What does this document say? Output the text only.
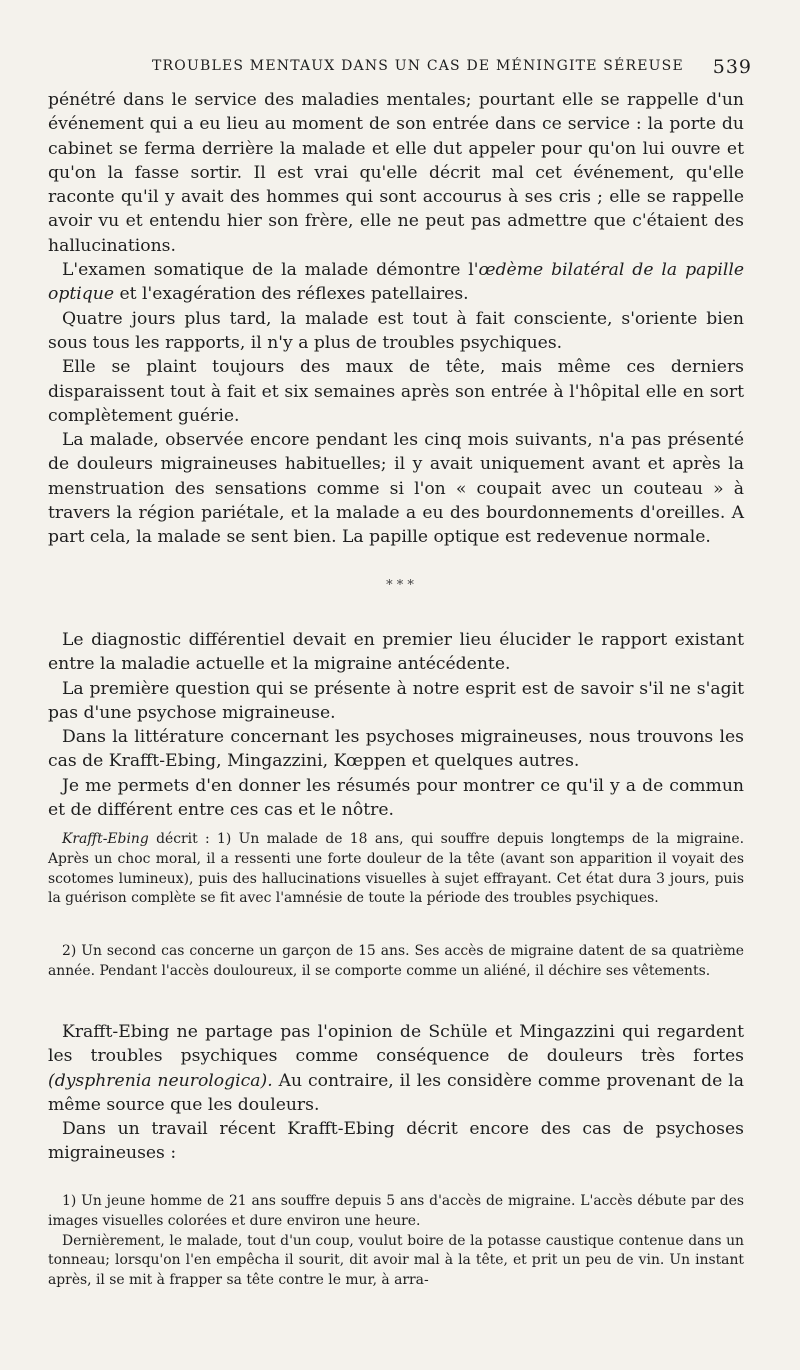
TROUBLES MENTAUX DANS UN CAS DE MÉNINGITE SÉREUSE 539

pénétré dans le service des maladies mentales; pourtant elle se rappelle d'un événement qui a eu lieu au moment de son entrée dans ce service : la porte du cabinet se ferma derrière la malade et elle dut appeler pour qu'on lui ouvre et qu'on la fasse sortir. Il est vrai qu'elle décrit mal cet événement, qu'elle raconte qu'il y avait des hommes qui sont accourus à ses cris ; elle se rappelle avoir vu et entendu hier son frère, elle ne peut pas admettre que c'étaient des hallucinations.

L'examen somatique de la malade démontre l'œdème bilatéral de la papille optique et l'exagération des réflexes patellaires.

Quatre jours plus tard, la malade est tout à fait consciente, s'oriente bien sous tous les rapports, il n'y a plus de troubles psychiques.

Elle se plaint toujours des maux de tête, mais même ces derniers disparaissent tout à fait et six semaines après son entrée à l'hôpital elle en sort complètement guérie.

La malade, observée encore pendant les cinq mois suivants, n'a pas présenté de douleurs migraineuses habituelles; il y avait uniquement avant et après la menstruation des sensations comme si l'on « coupait avec un couteau » à travers la région pariétale, et la malade a eu des bourdonnements d'oreilles. A part cela, la malade se sent bien. La papille optique est redevenue normale.

* * *

Le diagnostic différentiel devait en premier lieu élucider le rapport existant entre la maladie actuelle et la migraine antécédente.

La première question qui se présente à notre esprit est de savoir s'il ne s'agit pas d'une psychose migraineuse.

Dans la littérature concernant les psychoses migraineuses, nous trouvons les cas de Krafft-Ebing, Mingazzini, Kœppen et quelques autres.

Je me permets d'en donner les résumés pour montrer ce qu'il y a de commun et de différent entre ces cas et le nôtre.

Krafft-Ebing décrit : 1) Un malade de 18 ans, qui souffre depuis longtemps de la migraine. Après un choc moral, il a ressenti une forte douleur de la tête (avant son apparition il voyait des scotomes lumineux), puis des hallucinations visuelles à sujet effrayant. Cet état dura 3 jours, puis la guérison complète se fit avec l'amnésie de toute la période des troubles psychiques.

2) Un second cas concerne un garçon de 15 ans. Ses accès de migraine datent de sa quatrième année. Pendant l'accès douloureux, il se comporte comme un aliéné, il déchire ses vêtements.

Krafft-Ebing ne partage pas l'opinion de Schüle et Mingazzini qui regardent les troubles psychiques comme conséquence de douleurs très fortes (dysphrenia neurologica). Au contraire, il les considère comme provenant de la même source que les douleurs.

Dans un travail récent Krafft-Ebing décrit encore des cas de psychoses migraineuses :

1) Un jeune homme de 21 ans souffre depuis 5 ans d'accès de migraine. L'accès débute par des images visuelles colorées et dure environ une heure.

Dernièrement, le malade, tout d'un coup, voulut boire de la potasse caustique contenue dans un tonneau; lorsqu'on l'en empêcha il sourit, dit avoir mal à la tête, et prit un peu de vin. Un instant après, il se mit à frapper sa tête contre le mur, à arra-
